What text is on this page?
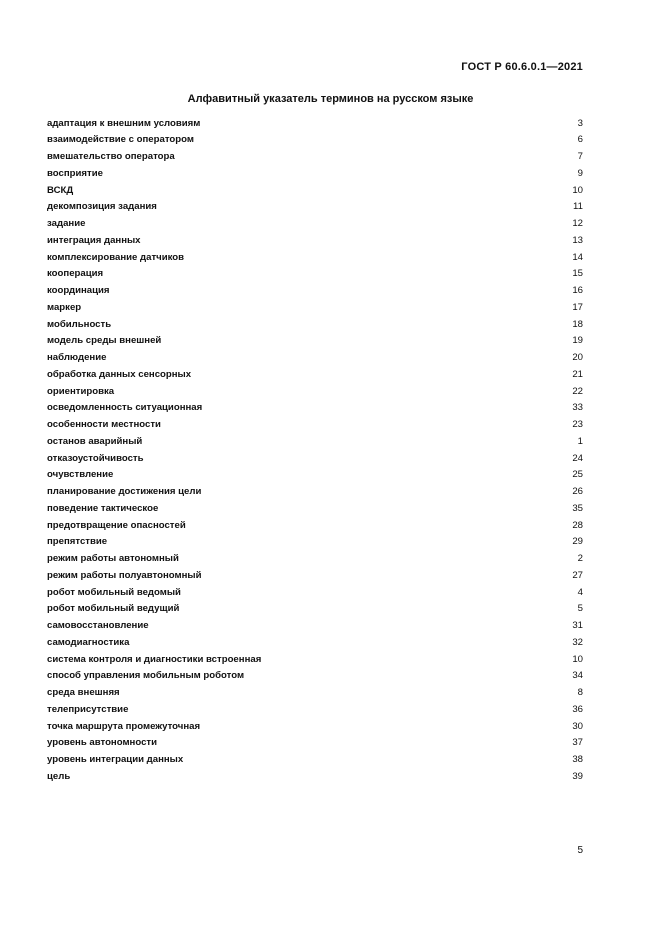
ГОСТ Р 60.6.0.1—2021
Алфавитный указатель терминов на русском языке
адаптация к внешним условиям	3
взаимодействие с оператором	6
вмешательство оператора	7
восприятие	9
ВСКД	10
декомпозиция задания	11
задание	12
интеграция данных	13
комплексирование датчиков	14
кооперация	15
координация	16
маркер	17
мобильность	18
модель среды внешней	19
наблюдение	20
обработка данных сенсорных	21
ориентировка	22
осведомленность ситуационная	33
особенности местности	23
останов аварийный	1
отказоустойчивость	24
очувствление	25
планирование достижения цели	26
поведение тактическое	35
предотвращение опасностей	28
препятствие	29
режим работы автономный	2
режим работы полуавтономный	27
робот мобильный ведомый	4
робот мобильный ведущий	5
самовосстановление	31
самодиагностика	32
система контроля и диагностики встроенная	10
способ управления мобильным роботом	34
среда внешняя	8
телеприсутствие	36
точка маршрута промежуточная	30
уровень автономности	37
уровень интеграции данных	38
цель	39
5
